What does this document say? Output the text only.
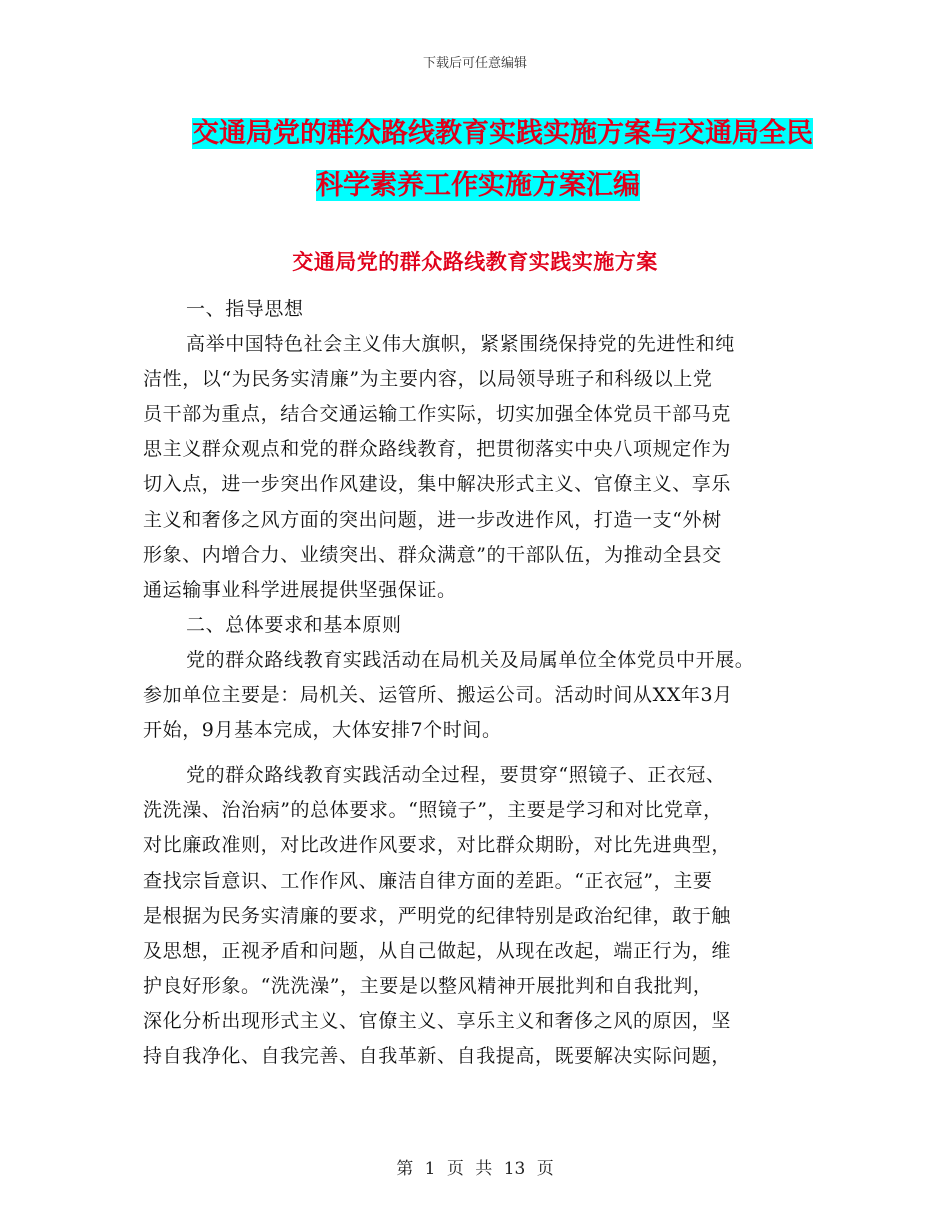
下载后可任意编辑
交通局党的群众路线教育实践实施方案与交通局全民
科学素养工作实施方案汇编
交通局党的群众路线教育实践实施方案
一、指导思想
高举中国特色社会主义伟大旗帜，紧紧围绕保持党的先进性和纯
洁性，以“为民务实清廉”为主要内容，以局领导班子和科级以上党
员干部为重点，结合交通运输工作实际，切实加强全体党员干部马克
思主义群众观点和党的群众路线教育，把贯彻落实中央八项规定作为
切入点，进一步突出作风建设，集中解决形式主义、官僚主义、享乐
主义和奢侈之风方面的突出问题，进一步改进作风，打造一支“外树
形象、内增合力、业绩突出、群众满意”的干部队伍，为推动全县交
通运输事业科学进展提供坚强保证。
二、总体要求和基本原则
党的群众路线教育实践活动在局机关及局属单位全体党员中开展。
参加单位主要是：局机关、运管所、搬运公司。活动时间从XX年3月
开始，9月基本完成，大体安排7个时间。
党的群众路线教育实践活动全过程，要贯穿“照镜子、正衣冠、
洗洗澡、治治病”的总体要求。“照镜子”，主要是学习和对比党章，
对比廉政准则，对比改进作风要求，对比群众期盼，对比先进典型，
查找宗旨意识、工作作风、廉洁自律方面的差距。“正衣冠”，主要
是根据为民务实清廉的要求，严明党的纪律特别是政治纪律，敢于触
及思想，正视矛盾和问题，从自己做起，从现在改起，端正行为，维
护良好形象。“洗洗澡”，主要是以整风精神开展批判和自我批判，
深化分析出现形式主义、官僚主义、享乐主义和奢侈之风的原因，坚
持自我净化、自我完善、自我革新、自我提高，既要解决实际问题，
第 1 页 共 13 页
